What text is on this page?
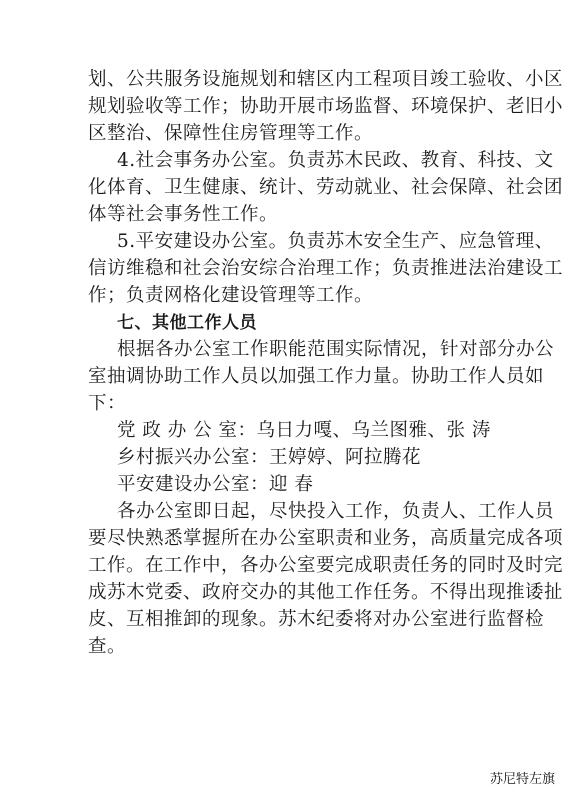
划、公共服务设施规划和辖区内工程项目竣工验收、小区
规划验收等工作；协助开展市场监督、环境保护、老旧小
区整治、保障性住房管理等工作。
4.社会事务办公室。负责苏木民政、教育、科技、文
化体育、卫生健康、统计、劳动就业、社会保障、社会团
体等社会事务性工作。
5.平安建设办公室。负责苏木安全生产、应急管理、
信访维稳和社会治安综合治理工作；负责推进法治建设工
作；负责网格化建设管理等工作。
七、其他工作人员
根据各办公室工作职能范围实际情况，针对部分办公
室抽调协助工作人员以加强工作力量。协助工作人员如
下：
党 政 办 公 室：乌日力嘎、乌兰图雅、张 涛
乡村振兴办公室：王婷婷、阿拉腾花
平安建设办公室：迎 春
各办公室即日起，尽快投入工作，负责人、工作人员
要尽快熟悉掌握所在办公室职责和业务，高质量完成各项
工作。在工作中，各办公室要完成职责任务的同时及时完
成苏木党委、政府交办的其他工作任务。不得出现推诿扯
皮、互相推卸的现象。苏木纪委将对办公室进行监督检
查。
苏尼特左旗
